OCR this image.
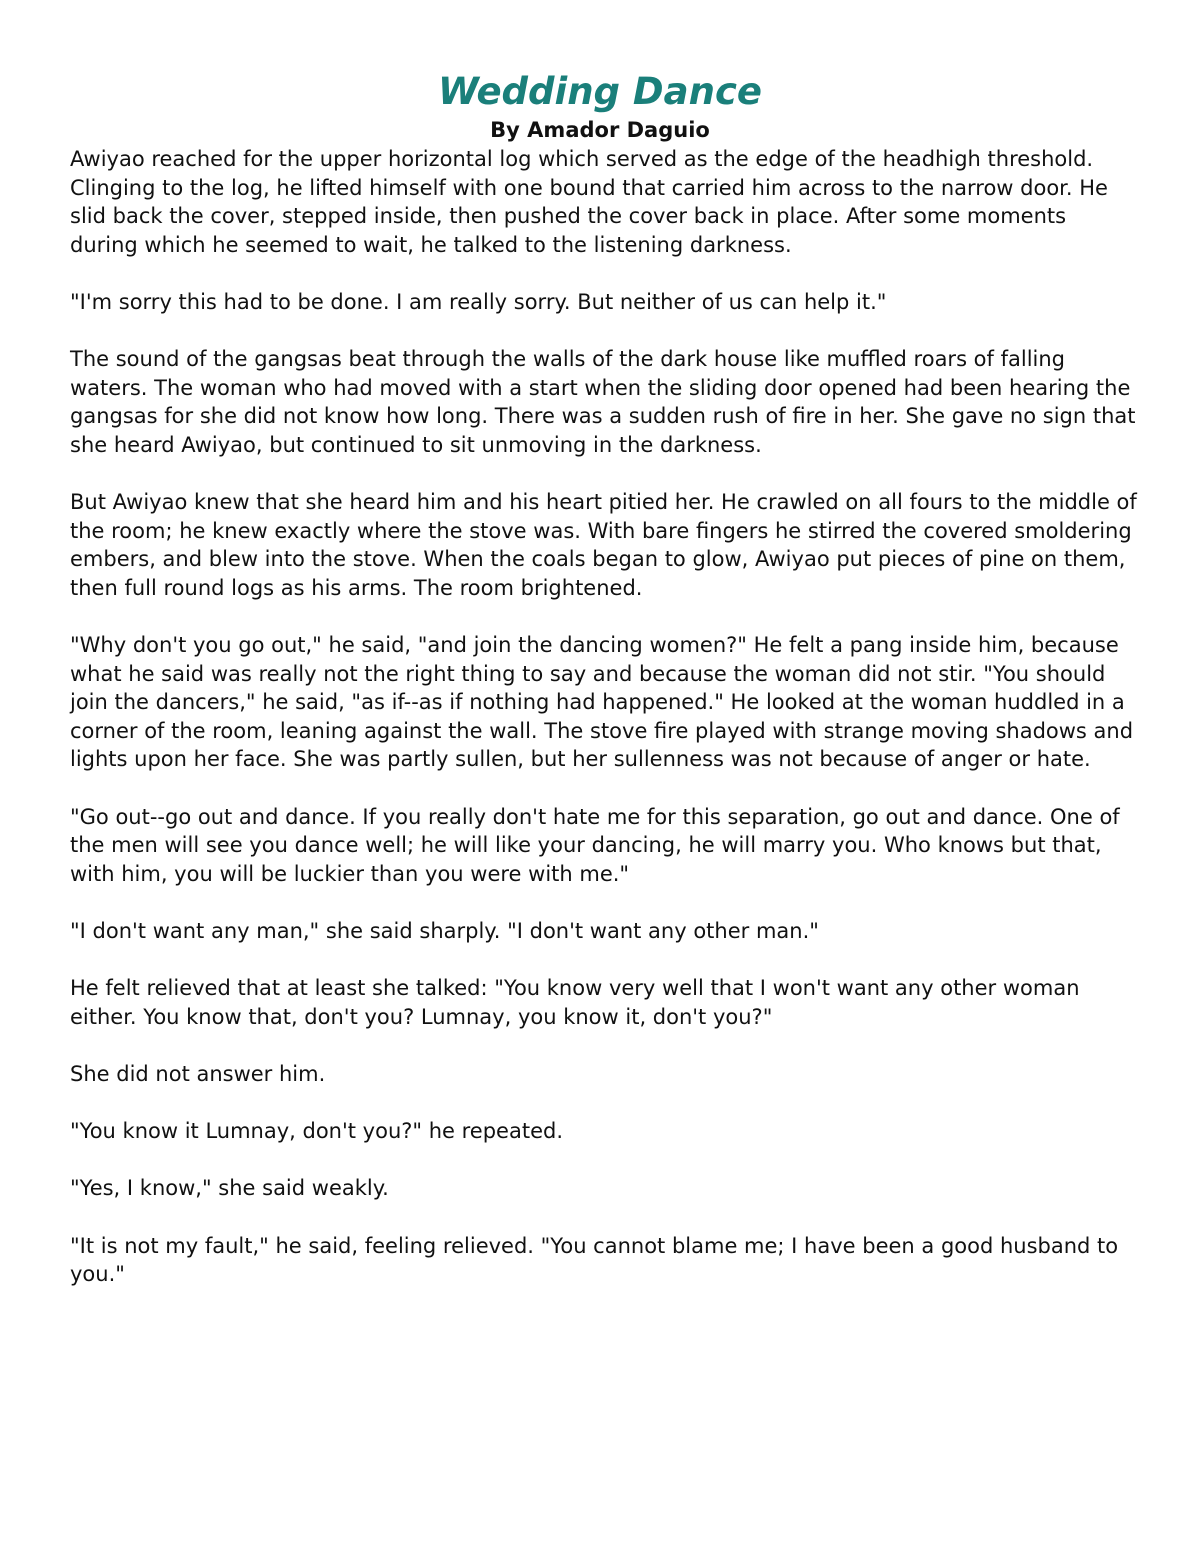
Wedding Dance
By Amador Daguio

Awiyao reached for the upper horizontal log which served as the edge of the headhigh threshold. Clinging to the log, he lifted himself with one bound that carried him across to the narrow door. He slid back the cover, stepped inside, then pushed the cover back in place. After some moments during which he seemed to wait, he talked to the listening darkness.

"I'm sorry this had to be done. I am really sorry. But neither of us can help it."

The sound of the gangsas beat through the walls of the dark house like muffled roars of falling waters. The woman who had moved with a start when the sliding door opened had been hearing the gangsas for she did not know how long. There was a sudden rush of fire in her. She gave no sign that she heard Awiyao, but continued to sit unmoving in the darkness.

But Awiyao knew that she heard him and his heart pitied her. He crawled on all fours to the middle of the room; he knew exactly where the stove was. With bare fingers he stirred the covered smoldering embers, and blew into the stove. When the coals began to glow, Awiyao put pieces of pine on them, then full round logs as his arms. The room brightened.

"Why don't you go out," he said, "and join the dancing women?" He felt a pang inside him, because what he said was really not the right thing to say and because the woman did not stir. "You should join the dancers," he said, "as if--as if nothing had happened." He looked at the woman huddled in a corner of the room, leaning against the wall. The stove fire played with strange moving shadows and lights upon her face. She was partly sullen, but her sullenness was not because of anger or hate.

"Go out--go out and dance. If you really don't hate me for this separation, go out and dance. One of the men will see you dance well; he will like your dancing, he will marry you. Who knows but that, with him, you will be luckier than you were with me."

"I don't want any man," she said sharply. "I don't want any other man."

He felt relieved that at least she talked: "You know very well that I won't want any other woman either. You know that, don't you? Lumnay, you know it, don't you?"

She did not answer him.

"You know it Lumnay, don't you?" he repeated.

"Yes, I know," she said weakly.

"It is not my fault," he said, feeling relieved. "You cannot blame me; I have been a good husband to you."
